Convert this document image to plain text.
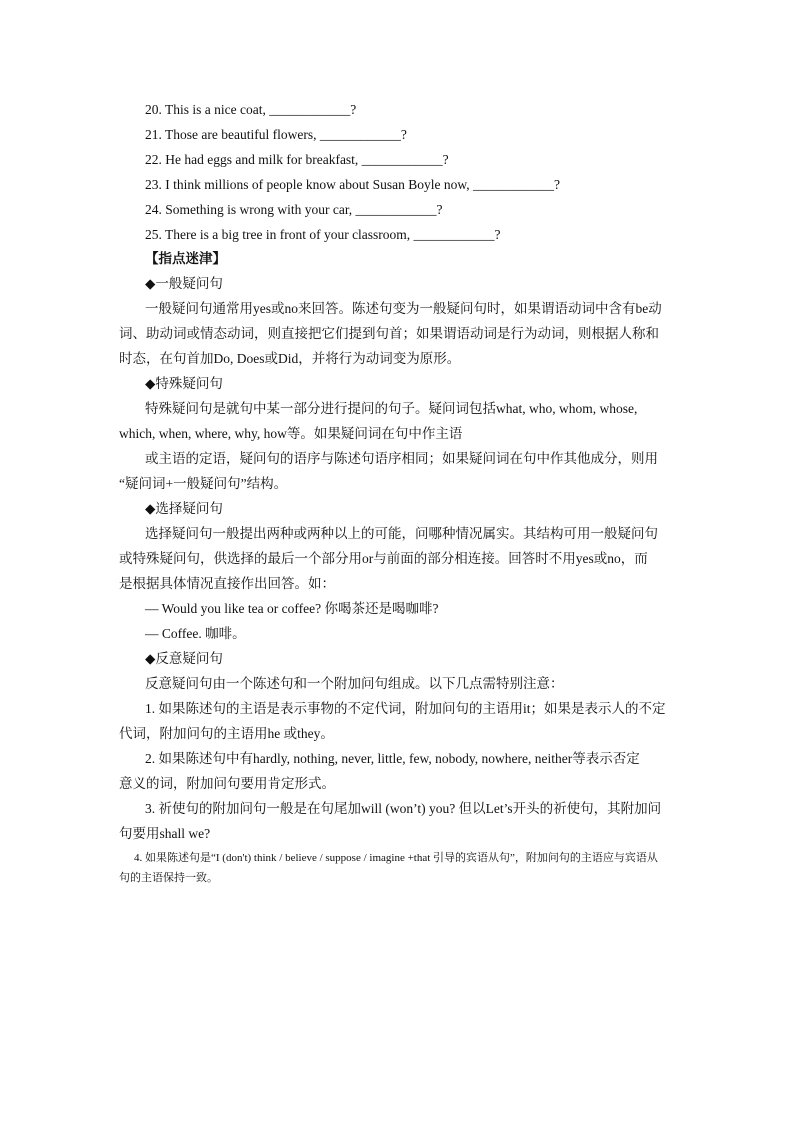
20. This is a nice coat, ____________?
21. Those are beautiful flowers, ____________?
22. He had eggs and milk for breakfast, ____________?
23. I think millions of people know about Susan Boyle now, ____________?
24. Something is wrong with your car, ____________?
25. There is a big tree in front of your classroom, ____________?
【指点迷津】
◆一般疑问句
一般疑问句通常用yes或no来回答。陈述句变为一般疑问句时，如果谓语动词中含有be动
词、助动词或情态动词，则直接把它们提到句首；如果谓语动词是行为动词，则根据人称和
时态，在句首加Do, Does或Did，并将行为动词变为原形。
◆特殊疑问句
特殊疑问句是就句中某一部分进行提问的句子。疑问词包括what, who, whom, whose,
which, when, where, why, how等。如果疑问词在句中作主语
或主语的定语，疑问句的语序与陈述句语序相同；如果疑问词在句中作其他成分，则用
“疑问词+一般疑问句”结构。
◆选择疑问句
选择疑问句一般提出两种或两种以上的可能，问哪种情况属实。其结构可用一般疑问句
或特殊疑问句，供选择的最后一个部分用or与前面的部分相连接。回答时不用yes或no，而
是根据具体情况直接作出回答。如：
— Would you like tea or coffee? 你喝茶还是喝咖啡?
— Coffee. 咖啡。
◆反意疑问句
反意疑问句由一个陈述句和一个附加问句组成。以下几点需特别注意：
1. 如果陈述句的主语是表示事物的不定代词，附加问句的主语用it；如果是表示人的不定
代词，附加问句的主语用he 或they。
2. 如果陈述句中有hardly, nothing, never, little, few, nobody, nowhere, neither等表示否定
意义的词，附加问句要用肯定形式。
3. 祈使句的附加问句一般是在句尾加will (won’t) you? 但以Let’s开头的祈使句，其附加问
句要用shall we?
4. 如果陈述句是“I (don't) think / believe / suppose / imagine +that 引导的宾语从句”，附加问句的主语应与宾语从
句的主语保持一致。
